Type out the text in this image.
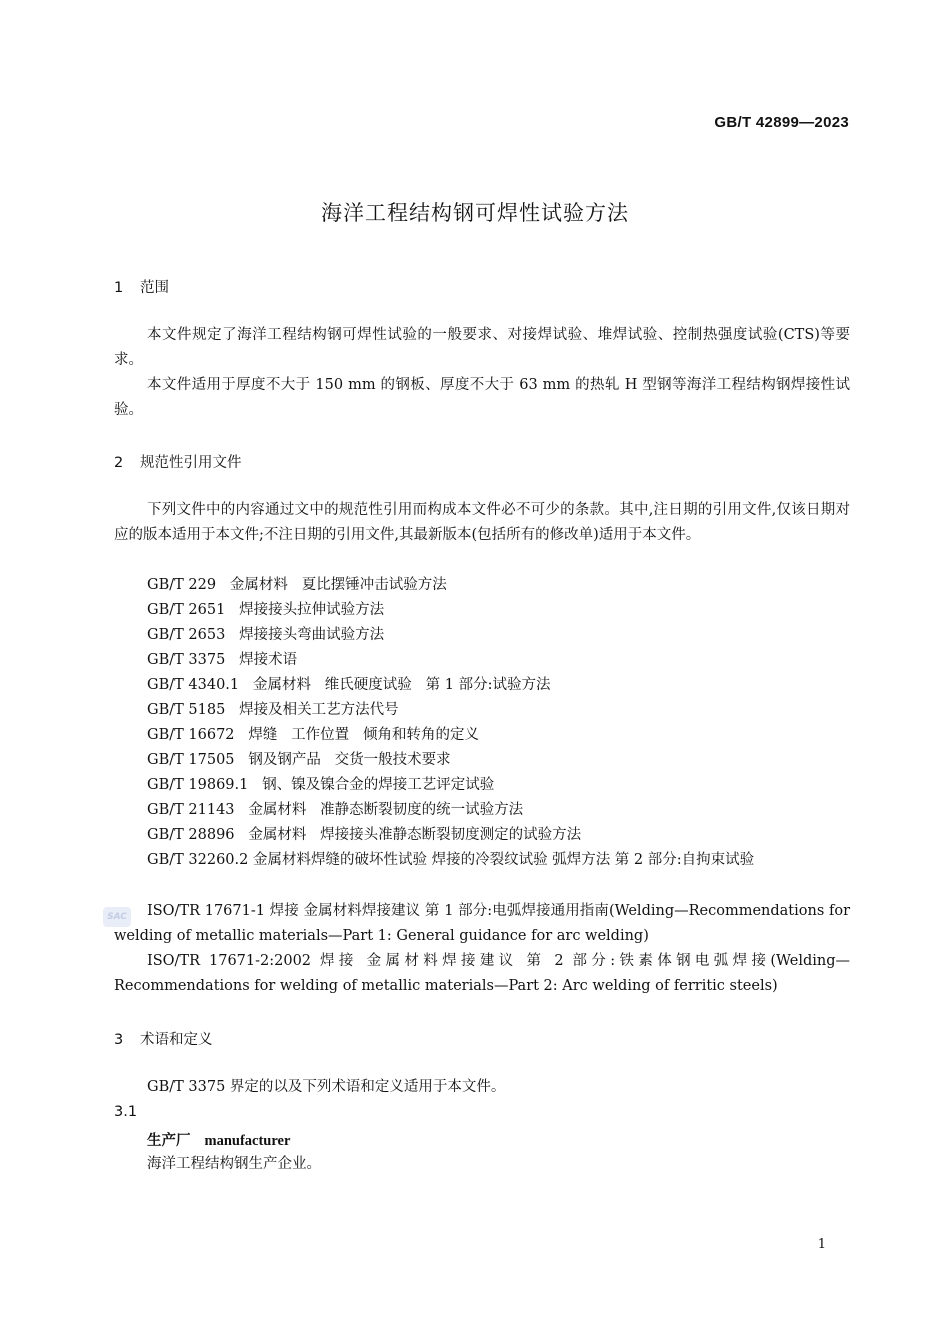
GB/T 42899—2023
海洋工程结构钢可焊性试验方法
1 范围
本文件规定了海洋工程结构钢可焊性试验的一般要求、对接焊试验、堆焊试验、控制热强度试验(CTS)等要求。
本文件适用于厚度不大于 150 mm 的钢板、厚度不大于 63 mm 的热轧 H 型钢等海洋工程结构钢焊接性试验。
2 规范性引用文件
下列文件中的内容通过文中的规范性引用而构成本文件必不可少的条款。其中,注日期的引用文件,仅该日期对应的版本适用于本文件;不注日期的引用文件,其最新版本(包括所有的修改单)适用于本文件。
GB/T 229   金属材料   夏比摆锤冲击试验方法
GB/T 2651   焊接接头拉伸试验方法
GB/T 2653   焊接接头弯曲试验方法
GB/T 3375   焊接术语
GB/T 4340.1   金属材料   维氏硬度试验   第 1 部分:试验方法
GB/T 5185   焊接及相关工艺方法代号
GB/T 16672   焊缝   工作位置   倾角和转角的定义
GB/T 17505   钢及钢产品   交货一般技术要求
GB/T 19869.1   钢、镍及镍合金的焊接工艺评定试验
GB/T 21143   金属材料   准静态断裂韧度的统一试验方法
GB/T 28896   金属材料   焊接接头准静态断裂韧度测定的试验方法
GB/T 32260.2 金属材料焊缝的破坏性试验 焊接的冷裂纹试验 弧焊方法 第 2 部分:自拘束试验
ISO/TR 17671-1 焊接 金属材料焊接建议 第 1 部分:电弧焊接通用指南(Welding—Recommendations for welding of metallic materials—Part 1: General guidance for arc welding)
ISO/TR 17671-2:2002 焊接 金属材料焊接建议 第 2 部分:铁素体钢电弧焊接(Welding—Recommendations for welding of metallic materials—Part 2: Arc welding of ferritic steels)
SAC
3 术语和定义
GB/T 3375 界定的以及下列术语和定义适用于本文件。
3.1
生产厂 manufacturer
海洋工程结构钢生产企业。
1
